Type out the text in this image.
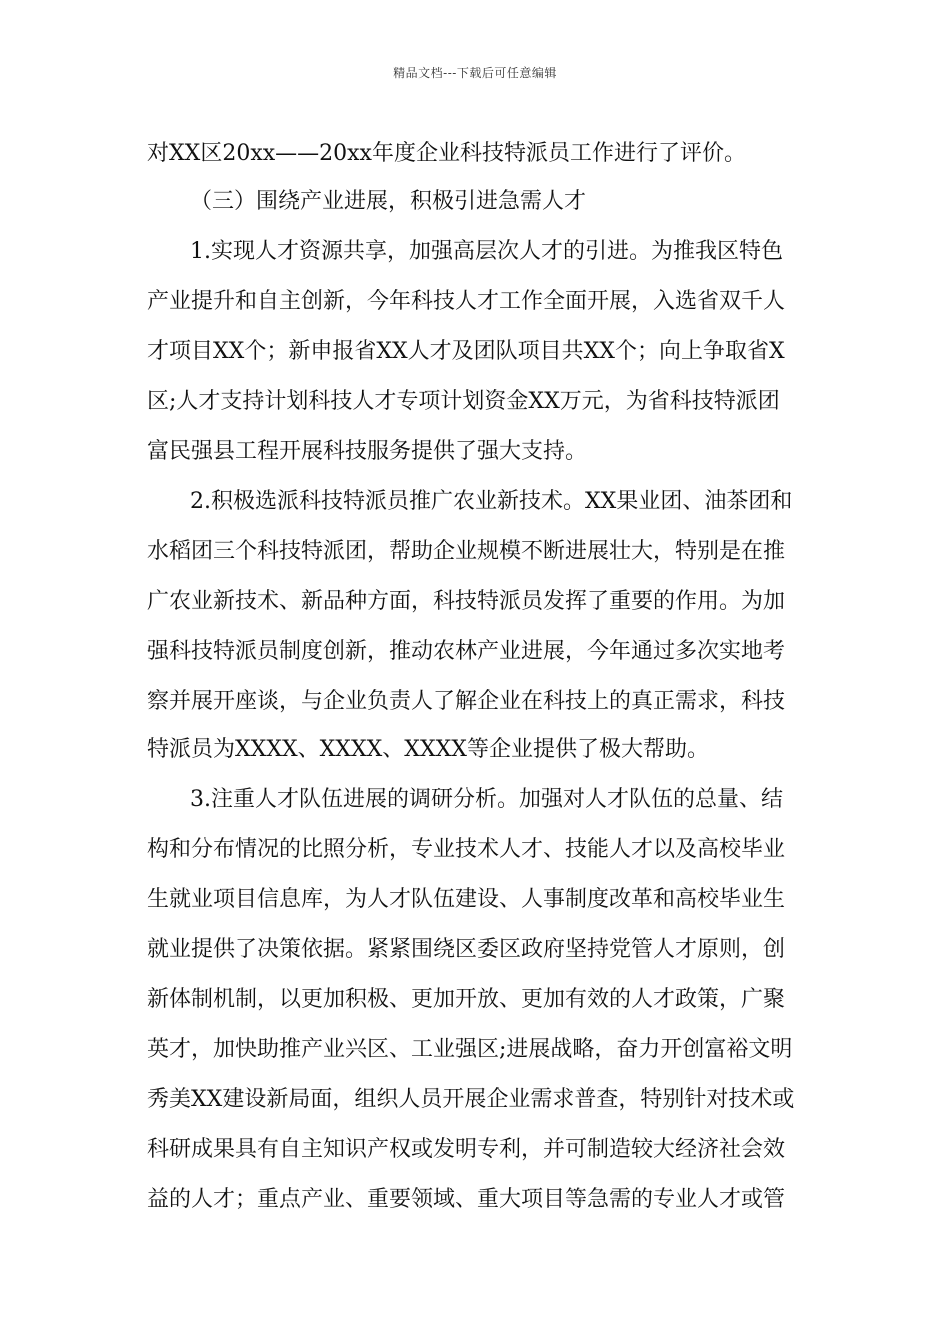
精品文档---下载后可任意编辑
对XX区20xx——20xx年度企业科技特派员工作进行了评价。
（三）围绕产业进展，积极引进急需人才
1.实现人才资源共享，加强高层次人才的引进。为推我区特色
产业提升和自主创新，今年科技人才工作全面开展，入选省双千人
才项目XX个；新申报省XX人才及团队项目共XX个；向上争取省X
区;人才支持计划科技人才专项计划资金XX万元，为省科技特派团
富民强县工程开展科技服务提供了强大支持。
2.积极选派科技特派员推广农业新技术。XX果业团、油茶团和
水稻团三个科技特派团，帮助企业规模不断进展壮大，特别是在推
广农业新技术、新品种方面，科技特派员发挥了重要的作用。为加
强科技特派员制度创新，推动农林产业进展，今年通过多次实地考
察并展开座谈，与企业负责人了解企业在科技上的真正需求，科技
特派员为XXXX、XXXX、XXXX等企业提供了极大帮助。
3.注重人才队伍进展的调研分析。加强对人才队伍的总量、结
构和分布情况的比照分析，专业技术人才、技能人才以及高校毕业
生就业项目信息库，为人才队伍建设、人事制度改革和高校毕业生
就业提供了决策依据。紧紧围绕区委区政府坚持党管人才原则，创
新体制机制，以更加积极、更加开放、更加有效的人才政策，广聚
英才，加快助推产业兴区、工业强区;进展战略，奋力开创富裕文明
秀美XX建设新局面，组织人员开展企业需求普查，特别针对技术或
科研成果具有自主知识产权或发明专利，并可制造较大经济社会效
益的人才；重点产业、重要领域、重大项目等急需的专业人才或管
